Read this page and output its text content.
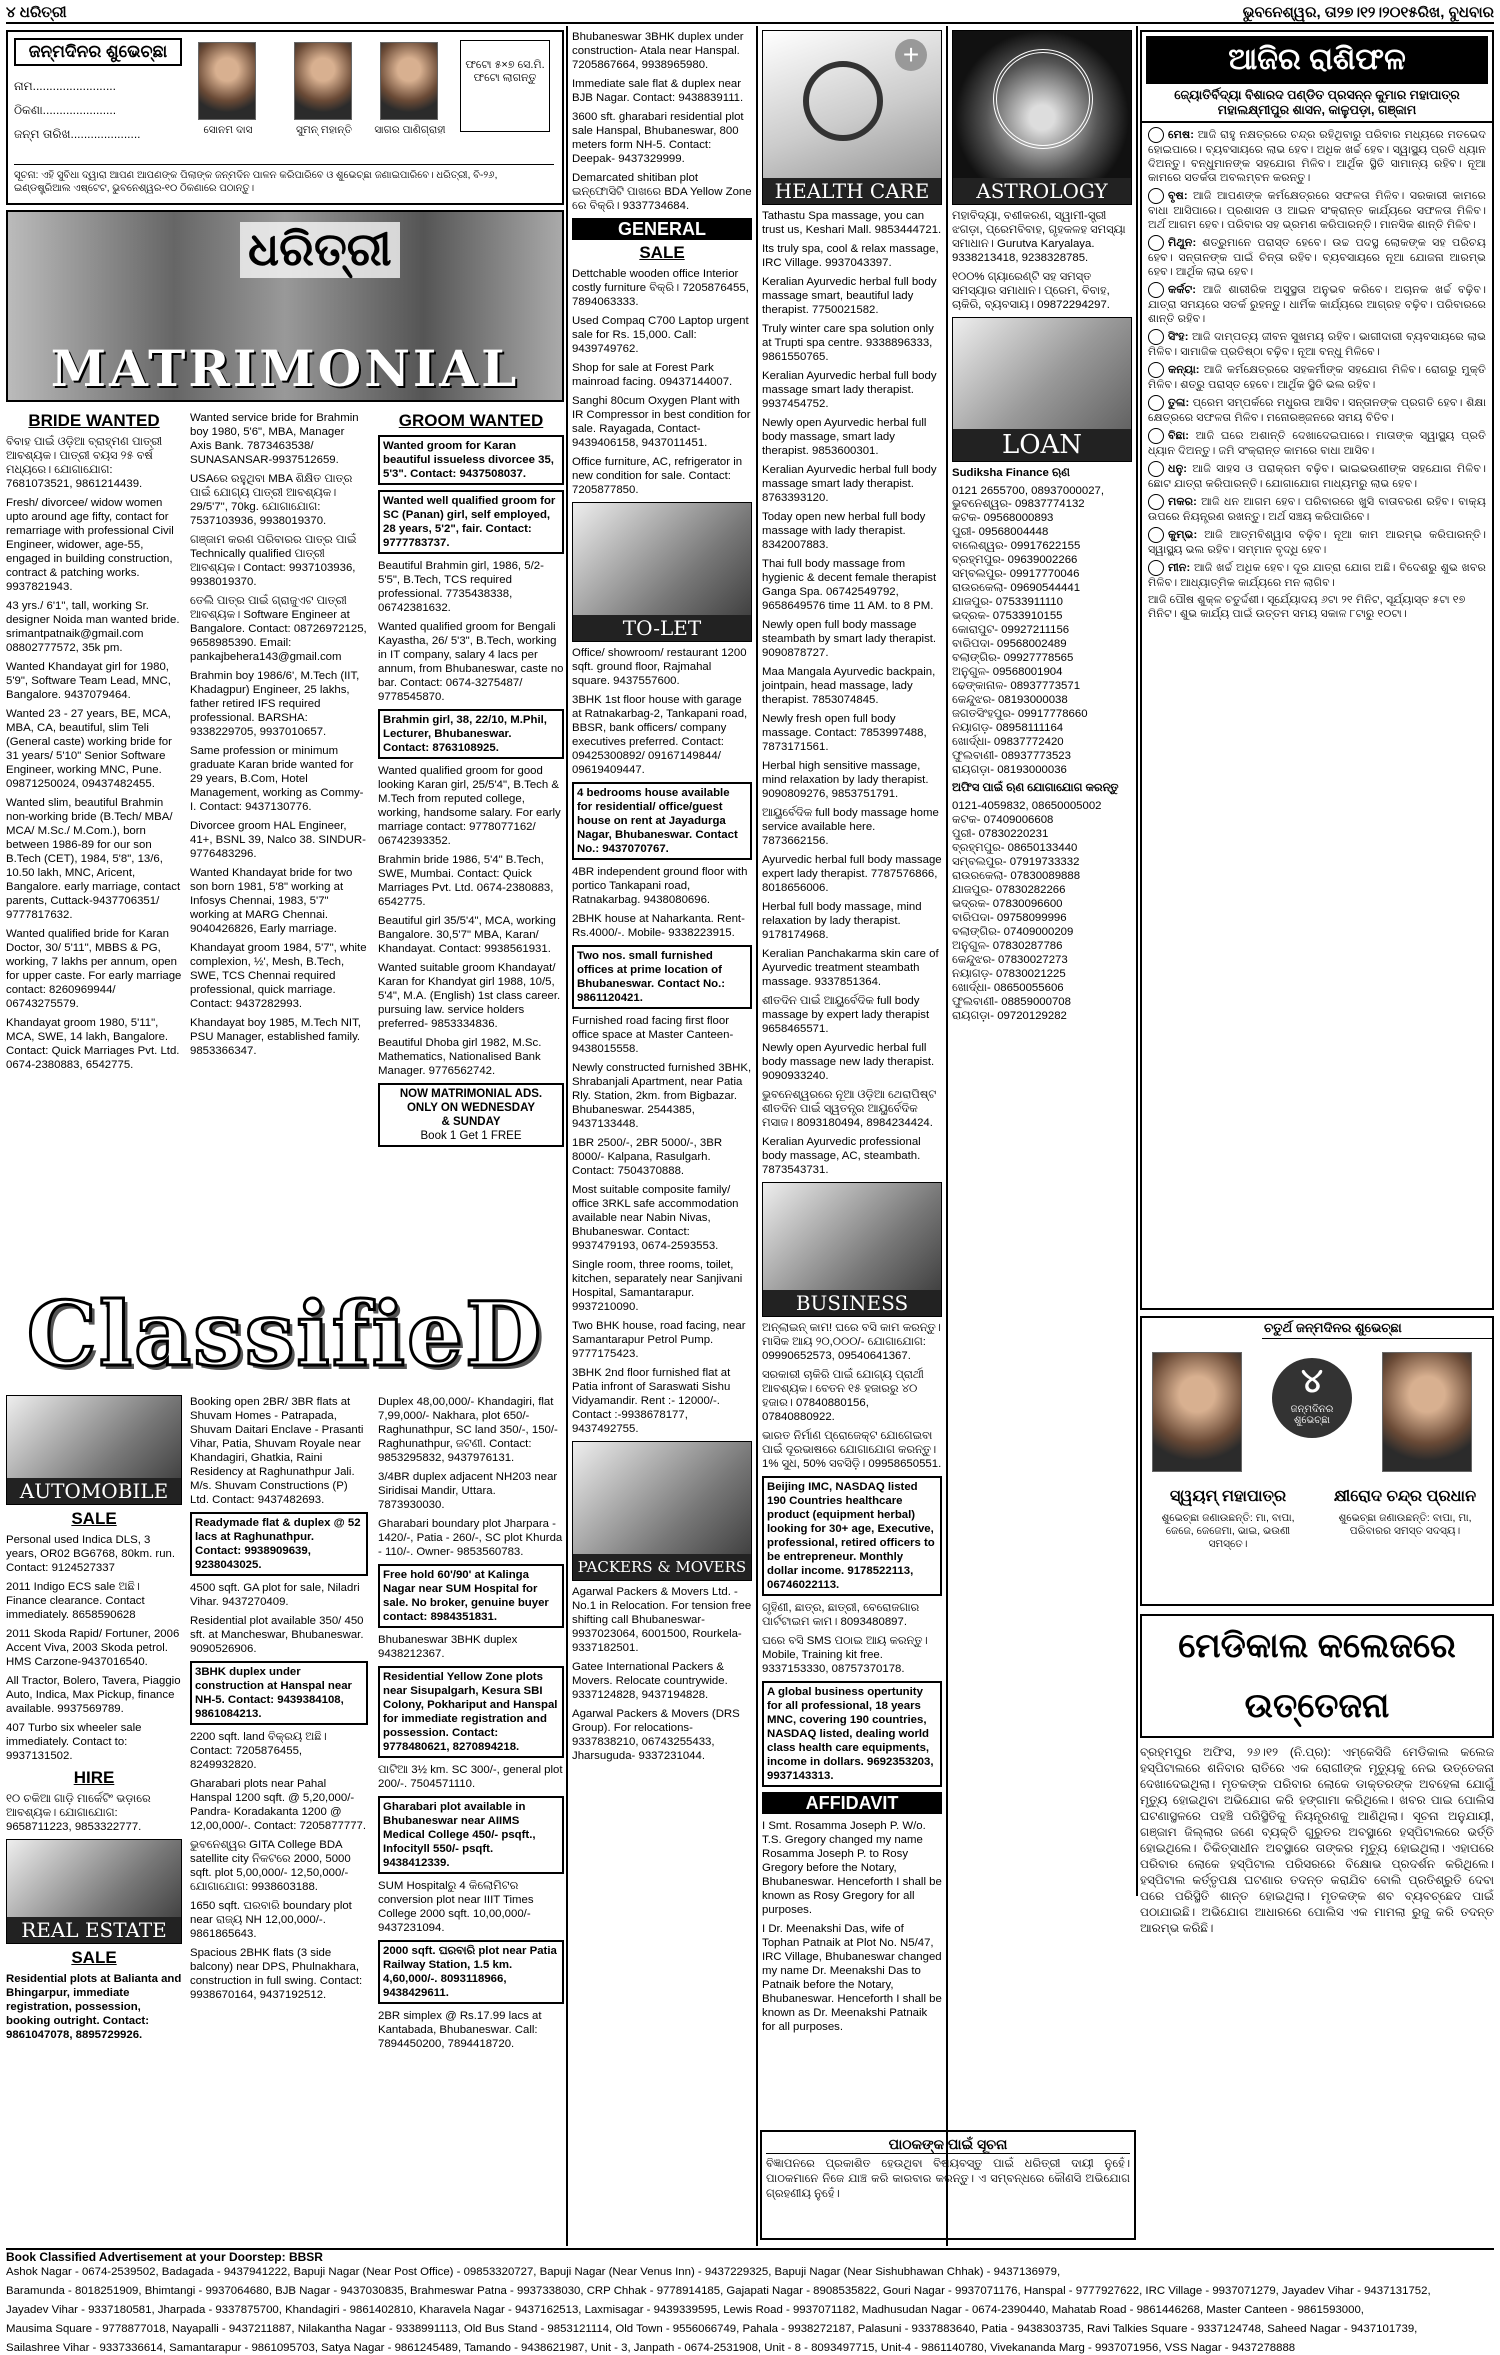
୪ ଧରିତ୍ରୀ	ଭୁବନେଶ୍ୱର, ତା୨୭।୧୨।୨୦୧୫ରିଖ, ବୁଧବାର
ଜନ୍ମଦିନର ଶୁଭେଚ୍ଛା
ନାମ.........................
ଠିକଣା......................
ଜନ୍ମ ତାରିଖ.....................
ଫଟୋ ୫×୭ ସେ.ମି. ଫଟୋ ଲାଗନ୍ତୁ
ସୋନମ ଦାସ	ସୁମନ୍ ମହାନ୍ତି	ସାଗର ପାଣିଗ୍ରାହୀ
ସୂଚନା: ଏହି ସୁବିଧା ଦ୍ୱାରା ଆପଣ ଆପଣଙ୍କ ପିଲାଙ୍କ ଜନ୍ମଦିନ ପାଳନ କରିପାରିବେ ଓ ଶୁଭେଚ୍ଛା ଜଣାଇପାରିବେ। ଧରିତ୍ରୀ, ବି-୨୬, ଇଣ୍ଡଷ୍ଟ୍ରିଆଲ ଏଷ୍ଟେଟ, ଭୁବନେଶ୍ୱର-୧୦ ଠିକଣାରେ ପଠାନ୍ତୁ।
ଧରିତ୍ରୀ
MATRIMONIAL
BRIDE WANTED
ବିବାହ ପାଇଁ ଓଡ଼ିଆ ବ୍ରାହ୍ମଣ ପାତ୍ରୀ ଆବଶ୍ୟକ। ପାତ୍ରୀ ବୟସ ୨୫ ବର୍ଷ ମଧ୍ୟରେ। ଯୋଗାଯୋଗ: 7681073521, 9861214439.
Fresh/ divorcee/ widow women upto around age fifty, contact for remarriage with professional Civil Engineer, widower, age-55, engaged in building construction, contract & patching works. 9937821943.
43 yrs./ 6'1", tall, working Sr. designer Noida man wanted bride. srimantpatnaik@gmail.com 08802777572, 35k pm.
Wanted Khandayat girl for 1980, 5'9", Software Team Lead, MNC, Bangalore. 9437079464.
Wanted 23 - 27 years, BE, MCA, MBA, CA, beautiful, slim Teli (General caste) working bride for 31 years/ 5'10" Senior Software Engineer, working MNC, Pune. 09871250024, 09437482455.
Wanted slim, beautiful Brahmin non-working bride (B.Tech/ MBA/ MCA/ M.Sc./ M.Com.), born between 1986-89 for our son B.Tech (CET), 1984, 5'8", 13/6, 10.50 lakh, MNC, Aricent, Bangalore. early marriage, contact parents, Cuttack-9437706351/ 9777817632.
Wanted qualified bride for Karan Doctor, 30/ 5'11", MBBS & PG, working, 7 lakhs per annum, open for upper caste. For early marriage contact: 8260969944/ 06743275579.
Khandayat groom 1980, 5'11", MCA, SWE, 14 lakh, Bangalore. Contact: Quick Marriages Pvt. Ltd. 0674-2380883, 6542775.
Wanted service bride for Brahmin boy 1980, 5'6", MBA, Manager Axis Bank. 7873463538/ SUNASANSAR-9937512659.
USAରେ ରହୁଥିବା MBA ଶିକ୍ଷିତ ପାତ୍ର ପାଇଁ ଯୋଗ୍ୟ ପାତ୍ରୀ ଆବଶ୍ୟକ। 29/5'7", 70kg. ଯୋଗାଯୋଗ: 7537103936, 9938019370.
ଗଞ୍ଜାମ କରଣ ପରିବାରର ପାତ୍ର ପାଇଁ Technically qualified ପାତ୍ରୀ ଆବଶ୍ୟକ। Contact: 9937103936, 9938019370.
ତେଲି ପାତ୍ର ପାଇଁ ଗ୍ରାଜୁଏଟ ପାତ୍ରୀ ଆବଶ୍ୟକ। Software Engineer at Bangalore. Contact: 08726972125, 9658985390. Email: pankajbehera143@gmail.com
Brahmin boy 1986/6', M.Tech (IIT, Khadagpur) Engineer, 25 lakhs, father retired IFS required professional. BARSHA: 9338229705, 9937010657.
Same profession or minimum graduate Karan bride wanted for 29 years, B.Com, Hotel Management, working as Commy-I. Contact: 9437130776.
Divorcee groom HAL Engineer, 41+, BSNL 39, Nalco 38. SINDUR- 9776483296.
Wanted Khandayat bride for two son born 1981, 5'8" working at Infosys Chennai, 1983, 5'7" working at MARG Chennai. 9040426826, Early marriage.
Khandayat groom 1984, 5'7", white complexion, ½', Mesh, B.Tech, SWE, TCS Chennai required professional, quick marriage. Contact: 9437282993.
Khandayat boy 1985, M.Tech NIT, PSU Manager, established family. 9853366347.
GROOM WANTED
Wanted groom for Karan beautiful issueless divorcee 35, 5'3". Contact: 9437508037.
Wanted well qualified groom for SC (Panan) girl, self employed, 28 years, 5'2", fair. Contact: 9777783737.
Beautiful Brahmin girl, 1986, 5/2- 5'5", B.Tech, TCS required professional. 7735438338, 06742381632.
Wanted qualified groom for Bengali Kayastha, 26/ 5'3", B.Tech, working in IT company, salary 4 lacs per annum, from Bhubaneswar, caste no bar. Contact: 0674-3275487/ 9778545870.
Brahmin girl, 38, 22/10, M.Phil, Lecturer, Bhubaneswar. Contact: 8763108925.
Wanted qualified groom for good looking Karan girl, 25/5'4", B.Tech & M.Tech from reputed college, working, handsome salary. For early marriage contact: 9778077162/ 06742393352.
Brahmin bride 1986, 5'4" B.Tech, SWE, Mumbai. Contact: Quick Marriages Pvt. Ltd. 0674-2380883, 6542775.
Beautiful girl 35/5'4", MCA, working Bangalore. 30,5'7" MBA, Karan/ Khandayat. Contact: 9938561931.
Wanted suitable groom Khandayat/ Karan for Khandyat girl 1988, 10/5, 5'4", M.A. (English) 1st class career. pursuing law. service holders preferred- 9853334836.
Beautiful Dhoba girl 1982, M.Sc. Mathematics, Nationalised Bank Manager. 9776562742.
NOW MATRIMONIAL ADS.
ONLY ON WEDNESDAY
& SUNDAY
Book 1 Get 1 FREE
ClassifieD
AUTOMOBILE
SALE
Personal used Indica DLS, 3 years, OR02 BG6768, 80km. run. Contact: 9124527337
2011 Indigo ECS sale ଅଛି। Finance clearance. Contact immediately. 8658590628
2011 Skoda Rapid/ Fortuner, 2006 Accent Viva, 2003 Skoda petrol. HMS Carzone-9437016540.
All Tractor, Bolero, Tavera, Piaggio Auto, Indica, Max Pickup, finance available. 9937569789.
407 Turbo six wheeler sale immediately. Contact to: 9937131502.
HIRE
୧୦ ଚକିଆ ଗାଡ଼ି ମାର୍କେଟିଂ ଭଡ଼ାରେ ଆବଶ୍ୟକ। ଯୋଗାଯୋଗ: 9658711223, 9853322777.
REAL ESTATE
SALE
Residential plots at Balianta and Bhingarpur, immediate registration, possession, booking outright. Contact: 9861047078, 8895729926.
Booking open 2BR/ 3BR flats at Shuvam Homes - Patrapada, Shuvam Daitari Enclave - Prasanti Vihar, Patia, Shuvam Royale near Khandagiri, Ghatkia, Raini Residency at Raghunathpur Jali. M/s. Shuvam Constructions (P) Ltd. Contact: 9437482693.
Readymade flat & duplex @ 52 lacs at Raghunathpur. Contact: 9938909639, 9238043025.
4500 sqft. GA plot for sale, Niladri Vihar. 9437270409.
Residential plot available 350/ 450 sft. at Mancheswar, Bhubaneswar. 9090526906.
3BHK duplex under construction at Hanspal near NH-5. Contact: 9439384108, 9861084213.
2200 sqft. land ବିକ୍ରୟ ଅଛି। Contact: 7205876455, 8249932820.
Gharabari plots near Pahal Hanspal 1200 sqft. @ 5,20,000/- Pandra- Koradakanta 1200 @ 12,00,000/-. Contact: 7205877777.
ଭୁବନେଶ୍ୱର GITA College BDA satellite city ନିକଟରେ 2000, 5000 sqft. plot 5,00,000/- 12,50,000/- ଯୋଗାଯୋଗ: 9938603188.
1650 sqft. ଘରବାରି boundary plot near ରାଜ୍ୟ NH 12,00,000/-. 9861865643.
Spacious 2BHK flats (3 side balcony) near DPS, Phulnakhara, construction in full swing. Contact: 9938670164, 9437192512.
Duplex 48,00,000/- Khandagiri, flat 7,99,000/- Nakhara, plot 650/- Raghunathpur, SC land 350/-, 150/- Raghunathpur, ଜଟଣୀ. Contact: 9853295832, 9437976131.
3/4BR duplex adjacent NH203 near Siridisai Mandir, Uttara. 7873930030.
Gharabari boundary plot Jharpara - 1420/-, Patia - 260/-, SC plot Khurda - 110/-. Owner- 9853560783.
Free hold 60'/90' at Kalinga Nagar near SUM Hospital for sale. No broker, genuine buyer contact: 8984351831.
Bhubaneswar 3BHK duplex 9438212367.
Residential Yellow Zone plots near Sisupalgarh, Kesura SBI Colony, Pokhariput and Hanspal for immediate registration and possession. Contact: 9778480621, 8270894218.
ପାଟିଆ 3½ km. SC 300/-, general plot 200/-. 7504571110.
Gharabari plot available in Bhubaneswar near AIIMS Medical College 450/- psqft., Infocityll 550/- psqft. 9438412339.
SUM Hospitalରୁ 4 କିଲୋମିଟର conversion plot near IIIT Times College 2000 sqft. 10,00,000/- 9437231094.
2000 sqft. ଘରବାରି plot near Patia Railway Station, 1.5 km. 4,60,000/-. 8093118966, 9438429611.
2BR simplex @ Rs.17.99 lacs at Kantabada, Bhubaneswar. Call: 7894450200, 7894418720.
Bhubaneswar 3BHK duplex under construction- Atala near Hanspal. 7205867664, 9938965980.
Immediate sale flat & duplex near BJB Nagar. Contact: 9438839111.
3600 sft. gharabari residential plot sale Hanspal, Bhubaneswar, 800 meters form NH-5. Contact: Deepak- 9437329999.
Demarcated shitiban plot ଇନ୍ଫୋସିଟି ପାଖରେ BDA Yellow Zone ରେ ବିକ୍ରି। 9337734684.
GENERAL
SALE
Dettchable wooden office Interior costly furniture ବିକ୍ରି। 7205876455, 7894063333.
Used Compaq C700 Laptop urgent sale for Rs. 15,000. Call: 9439749762.
Shop for sale at Forest Park mainroad facing. 09437144007.
Sanghi 80cum Oxygen Plant with IR Compressor in best condition for sale. Rayagada, Contact- 9439406158, 9437011451.
Office furniture, AC, refrigerator in new condition for sale. Contact: 7205877850.
TO-LET
Office/ showroom/ restaurant 1200 sqft. ground floor, Rajmahal square. 9437557600.
3BHK 1st floor house with garage at Ratnakarbag-2, Tankapani road, BBSR, bank officers/ company executives preferred. Contact: 09425300892/ 09167149844/ 09619409447.
4 bedrooms house available for residential/ office/guest house on rent at Jayadurga Nagar, Bhubaneswar. Contact No.: 9437070767.
4BR independent ground floor with portico Tankapani road, Ratnakarbag. 9438080696.
2BHK house at Naharkanta. Rent- Rs.4000/-. Mobile- 9338223915.
Two nos. small furnished offices at prime location of Bhubaneswar. Contact No.: 9861120421.
Furnished road facing first floor office space at Master Canteen- 9438015558.
Newly constructed furnished 3BHK, Shrabanjali Apartment, near Patia Rly. Station, 2km. from Bigbazar. Bhubaneswar. 2544385, 9437133448.
1BR 2500/-, 2BR 5000/-, 3BR 8000/- Kalpana, Rasulgarh. Contact: 7504370888.
Most suitable composite family/ office 3RKL safe accommodation available near Nabin Nivas, Bhubaneswar. Contact: 9937479193, 0674-2593553.
Single room, three rooms, toilet, kitchen, separately near Sanjivani Hospital, Samantarapur. 9937210090.
Two BHK house, road facing, near Samantarapur Petrol Pump. 9777175423.
3BHK 2nd floor furnished flat at Patia infront of Saraswati Sishu Vidyamandir. Rent :- 12000/-. Contact :-9938678177, 9437492755.
PACKERS & MOVERS
Agarwal Packers & Movers Ltd. - No.1 in Relocation. For tension free shifting call Bhubaneswar- 9937023064, 6001500, Rourkela- 9337182501.
Gatee International Packers & Movers. Relocate countrywide. 9337124828, 9437194828.
Agarwal Packers & Movers (DRS Group). For relocations- 9337838210, 06743255433, Jharsuguda- 9337231044.
+
HEALTH CARE
Tathastu Spa massage, you can trust us, Keshari Mall. 9853444721.
Its truly spa, cool & relax massage, IRC Village. 9937043397.
Keralian Ayurvedic herbal full body massage smart, beautiful lady therapist. 7750021582.
Truly winter care spa solution only at Trupti spa centre. 9338896333, 9861550765.
Keralian Ayurvedic herbal full body massage smart lady therapist. 9937454752.
Newly open Ayurvedic herbal full body massage, smart lady therapist. 9853600301.
Keralian Ayurvedic herbal full body massage smart lady therapist. 8763393120.
Today open new herbal full body massage with lady therapist. 8342007883.
Thai full body massage from hygienic & decent female therapist Ganga Spa. 06742549792, 9658649576 time 11 AM. to 8 PM.
Newly open full body massage steambath by smart lady therapist. 9090878727.
Maa Mangala Ayurvedic backpain, jointpain, head massage, lady therapist. 7853074845.
Newly fresh open full body massage. Contact: 7853997488, 7873171561.
Herbal high sensitive massage, mind relaxation by lady therapist. 9090809276, 9853751791.
ଆୟୁର୍ବେଦିକ full body massage home service available here. 7873662156.
Ayurvedic herbal full body massage expert lady therapist. 7787576866, 8018656006.
Herbal full body massage, mind relaxation by lady therapist. 9178174968.
Keralian Panchakarma skin care of Ayurvedic treatment steambath massage. 9337851364.
ଶୀତଦିନ ପାଇଁ ଆୟୁର୍ବେଦିକ full body massage by expert lady therapist 9658465571.
Newly open Ayurvedic herbal full body massage new lady therapist. 9090933240.
ଭୁବନେଶ୍ୱରରେ ନୂଆ ଓଡ଼ିଆ ଥେରାପିଷ୍ଟ ଶୀତଦିନ ପାଇଁ ସ୍ୱତନ୍ତ୍ର ଆୟୁର୍ବେଦିକ ମସାଜ। 8093180494, 8984234424.
Keralian Ayurvedic professional body massage, AC, steambath. 7873543731.
BUSINESS
ଅନ୍ଲାଇନ୍ କାମ! ଘରେ ବସି କାମ କରନ୍ତୁ। ମାସିକ ଆୟ ୨୦,୦୦୦/- ଯୋଗାଯୋଗ: 09990652573, 09540641367.
ସରକାରୀ ଚାକିରି ପାଇଁ ଯୋଗ୍ୟ ପ୍ରାର୍ଥୀ ଆବଶ୍ୟକ। ବେତନ ୧୫ ହଜାରରୁ ୪୦ ହଜାର। 07840880156, 07840880922.
ଭାରତ ନିର୍ମାଣ ପ୍ରୋଜେକ୍ଟ ଯୋଗେଇବା ପାଇଁ ଦୂରଭାଷରେ ଯୋଗାଯୋଗ କରନ୍ତୁ। 1% ସୁଧ, 50% ସବସିଡ଼ି। 09958650551.
Beijing IMC, NASDAQ listed 190 Countries healthcare product (equipment herbal) looking for 30+ age, Executive, professional, retired officers to be entrepreneur. Monthly dollar income. 9178522113, 06746022113.
ଗୃହିଣୀ, ଛାତ୍ର, ଛାତ୍ରୀ, ବେରୋଜଗାର ପାର୍ଟଟାଇମ କାମ। 8093480897.
ଘରେ ବସି SMS ପଠାଇ ଆୟ କରନ୍ତୁ। Mobile, Training kit free. 9337153330, 08757370178.
A global business opertunity for all professional, 18 years MNC, covering 190 countries, NASDAQ listed, dealing world class health care equipments, income in dollars. 9692353203, 9937143313.
AFFIDAVIT
I Smt. Rosamma Joseph P. W/o. T.S. Gregory changed my name Rosamma Joseph P. to Rosy Gregory before the Notary, Bhubaneswar. Henceforth I shall be known as Rosy Gregory for all purposes.
I Dr. Meenakshi Das, wife of Tophan Patnaik at Plot No. N5/47, IRC Village, Bhubaneswar changed my name Dr. Meenakshi Das to Patnaik before the Notary, Bhubaneswar. Henceforth I shall be known as Dr. Meenakshi Patnaik for all purposes.
ASTROLOGY
ମହାବିଦ୍ୟା, ବଶୀକରଣ, ସ୍ୱାମୀ-ସ୍ତ୍ରୀ ଝଗଡ଼ା, ପ୍ରେମବିବାହ, ଗୃହକଳହ ସମସ୍ୟା ସମାଧାନ। Gurutva Karyalaya. 9338213418, 9238328785.
୧୦୦% ଗ୍ୟାରେଣ୍ଟି ସହ ସମସ୍ତ ସମସ୍ୟାର ସମାଧାନ। ପ୍ରେମ, ବିବାହ, ଚାକିରି, ବ୍ୟବସାୟ। 09872294297.
LOAN
Sudiksha Finance ଋଣ
0121 2655700, 08937000027, ଭୁବନେଶ୍ୱର- 09837774132
କଟକ- 09568000893
ପୁରୀ- 09568004448
ବାଲେଶ୍ୱର- 09917622155
ବ୍ରହ୍ମପୁର- 09639002266
ସମ୍ବଲପୁର- 09917770046
ରାଉରକେଲା- 09690544441
ଯାଜପୁର- 07533911110
ଭଦ୍ରକ- 07533910155
କୋରାପୁଟ- 09927211156
ବାରିପଦା- 09568002489
ବଲାଙ୍ଗିର- 09927778565
ଅନୁଗୁଳ- 09568001904
ଢେଙ୍କାନାଳ- 08937773571
କେନ୍ଦୁଝର- 08193000038
ଜଗତସିଂହପୁର- 09917778660
ନୟାଗଡ଼- 08958111164
ଖୋର୍ଦ୍ଧା- 09837772420
ଫୁଲବାଣୀ- 08937773523
ରାୟଗଡ଼ା- 08193000036
ଅଫିସ ପାଇଁ ଋଣ ଯୋଗାଯୋଗ କରନ୍ତୁ
0121-4059832, 08650005002
କଟକ- 07409006608
ପୁରୀ- 07830220231
ବ୍ରହ୍ମପୁର- 08650133440
ସମ୍ବଲପୁର- 07919733332
ରାଉରକେଲା- 07830089888
ଯାଜପୁର- 07830282266
ଭଦ୍ରକ- 07830096600
ବାରିପଦା- 09758099996
ବଲାଙ୍ଗିର- 07409000209
ଅନୁଗୁଳ- 07830287786
କେନ୍ଦୁଝର- 07830027273
ନୟାଗଡ଼- 07830021225
ଖୋର୍ଦ୍ଧା- 08650055606
ଫୁଲବାଣୀ- 08859000708
ରାୟଗଡ଼ା- 09720129282
ଆଜିର ରାଶିଫଳ
ଜ୍ୟୋତିର୍ବିଦ୍ୟା ବିଶାରଦ ପଣ୍ଡିତ ପ୍ରସନ୍ନ କୁମାର ମହାପାତ୍ର
ମହାଲକ୍ଷ୍ମୀପୁର ଶାସନ, କାଳୁପଡ଼ା, ଗଞ୍ଜାମ
ମେଷ: ଆଜି ରାହୁ ନକ୍ଷତ୍ରରେ ଚନ୍ଦ୍ର ରହିଥିବାରୁ ପରିବାର ମଧ୍ୟରେ ମତଭେଦ ହୋଇପାରେ। ବ୍ୟବସାୟରେ ଲାଭ ହେବ। ଅଧିକ ଖର୍ଚ୍ଚ ହେବ। ସ୍ୱାସ୍ଥ୍ୟ ପ୍ରତି ଧ୍ୟାନ ଦିଅନ୍ତୁ। ବନ୍ଧୁମାନଙ୍କ ସହଯୋଗ ମିଳିବ। ଆର୍ଥିକ ସ୍ଥିତି ସାମାନ୍ୟ ରହିବ। ନୂଆ କାମରେ ସତର୍କତା ଅବଲମ୍ବନ କରନ୍ତୁ।
ବୃଷ: ଆଜି ଆପଣଙ୍କ କର୍ମକ୍ଷେତ୍ରରେ ସଫଳତା ମିଳିବ। ସରକାରୀ କାମରେ ବାଧା ଆସିପାରେ। ପ୍ରଶାସନ ଓ ଆଇନ ସଂକ୍ରାନ୍ତ କାର୍ଯ୍ୟରେ ସଫଳତା ମିଳିବ। ଅର୍ଥ ଆଗମ ହେବ। ପରିବାର ସହ ଭ୍ରମଣ କରିପାରନ୍ତି। ମାନସିକ ଶାନ୍ତି ମିଳିବ।
ମିଥୁନ: ଶତ୍ରୁମାନେ ପରାସ୍ତ ହେବେ। ଉଚ୍ଚ ପଦସ୍ଥ ଲୋକଙ୍କ ସହ ପରିଚୟ ହେବ। ସନ୍ତାନଙ୍କ ପାଇଁ ଚିନ୍ତା ରହିବ। ବ୍ୟବସାୟରେ ନୂଆ ଯୋଜନା ଆରମ୍ଭ ହେବ। ଆର୍ଥିକ ଲାଭ ହେବ।
କର୍କଟ: ଆଜି ଶାରୀରିକ ଅସୁସ୍ଥତା ଅନୁଭବ କରିବେ। ଅଚାନକ ଖର୍ଚ୍ଚ ବଢ଼ିବ। ଯାତ୍ରା ସମୟରେ ସତର୍କ ରୁହନ୍ତୁ। ଧାର୍ମିକ କାର୍ଯ୍ୟରେ ଆଗ୍ରହ ବଢ଼ିବ। ପରିବାରରେ ଶାନ୍ତି ରହିବ।
ସିଂହ: ଆଜି ଦାମ୍ପତ୍ୟ ଜୀବନ ସୁଖମୟ ରହିବ। ଭାଗୀଦାରୀ ବ୍ୟବସାୟରେ ଲାଭ ମିଳିବ। ସାମାଜିକ ପ୍ରତିଷ୍ଠା ବଢ଼ିବ। ନୂଆ ବନ୍ଧୁ ମିଳିବେ।
କନ୍ୟା: ଆଜି କର୍ମକ୍ଷେତ୍ରରେ ସହକର୍ମୀଙ୍କ ସହଯୋଗ ମିଳିବ। ରୋଗରୁ ମୁକ୍ତି ମିଳିବ। ଶତ୍ରୁ ପରାସ୍ତ ହେବେ। ଆର୍ଥିକ ସ୍ଥିତି ଭଲ ରହିବ।
ତୁଳା: ପ୍ରେମ ସମ୍ପର୍କରେ ମଧୁରତା ଆସିବ। ସନ୍ତାନଙ୍କ ପ୍ରଗତି ହେବ। ଶିକ୍ଷା କ୍ଷେତ୍ରରେ ସଫଳତା ମିଳିବ। ମନୋରଞ୍ଜନରେ ସମୟ ବିତିବ।
ବିଛା: ଆଜି ଘରେ ଅଶାନ୍ତି ଦେଖାଦେଇପାରେ। ମାତାଙ୍କ ସ୍ୱାସ୍ଥ୍ୟ ପ୍ରତି ଧ୍ୟାନ ଦିଅନ୍ତୁ। ଜମି ସଂକ୍ରାନ୍ତ କାମରେ ବାଧା ଆସିବ।
ଧନୁ: ଆଜି ସାହସ ଓ ପରାକ୍ରମ ବଢ଼ିବ। ଭାଇଭଉଣୀଙ୍କ ସହଯୋଗ ମିଳିବ। ଛୋଟ ଯାତ୍ରା କରିପାରନ୍ତି। ଯୋଗାଯୋଗ ମାଧ୍ୟମରୁ ଲାଭ ହେବ।
ମକର: ଆଜି ଧନ ଆଗମ ହେବ। ପରିବାରରେ ଖୁସି ବାତାବରଣ ରହିବ। ବାକ୍ୟ ଉପରେ ନିୟନ୍ତ୍ରଣ ରଖନ୍ତୁ। ଅର୍ଥ ସଞ୍ଚୟ କରିପାରିବେ।
କୁମ୍ଭ: ଆଜି ଆତ୍ମବିଶ୍ୱାସ ବଢ଼ିବ। ନୂଆ କାମ ଆରମ୍ଭ କରିପାରନ୍ତି। ସ୍ୱାସ୍ଥ୍ୟ ଭଲ ରହିବ। ସମ୍ମାନ ବୃଦ୍ଧି ହେବ।
ମୀନ: ଆଜି ଖର୍ଚ୍ଚ ଅଧିକ ହେବ। ଦୂର ଯାତ୍ରା ଯୋଗ ଅଛି। ବିଦେଶରୁ ଶୁଭ ଖବର ମିଳିବ। ଆଧ୍ୟାତ୍ମିକ କାର୍ଯ୍ୟରେ ମନ ଲାଗିବ।
ଆଜି ପୌଷ ଶୁକ୍ଳ ଚତୁର୍ଦ୍ଦଶୀ। ସୂର୍ଯ୍ୟୋଦୟ ୬ଟା ୨୧ ମିନିଟ, ସୂର୍ଯ୍ୟାସ୍ତ ୫ଟା ୧୭ ମିନିଟ। ଶୁଭ କାର୍ଯ୍ୟ ପାଇଁ ଉତ୍ତମ ସମୟ ସକାଳ ୮ଟାରୁ ୧୦ଟା।
ଚତୁର୍ଥ ଜନ୍ମଦିନର ଶୁଭେଚ୍ଛା
୪
ଜନ୍ମଦିନର ଶୁଭେଚ୍ଛା
ସ୍ୱୟମ୍ ମହାପାତ୍ର
ଶୁଭେଚ୍ଛା ଜଣାଉଛନ୍ତି: ମା, ବାପା, ଜେଜେ, ଜେଜେମା, ଭାଇ, ଭଉଣୀ ସମସ୍ତେ।
କ୍ଷୀରୋଦ ଚନ୍ଦ୍ର ପ୍ରଧାନ
ଶୁଭେଚ୍ଛା ଜଣାଉଛନ୍ତି: ବାପା, ମା, ପରିବାରର ସମସ୍ତ ସଦସ୍ୟ।
ମେଡିକାଲ କଲେଜରେ ଉତ୍ତେଜନା
ବ୍ରହ୍ମପୁର ଅଫିସ, ୨୬।୧୨ (ନି.ପ୍ର): ଏମ୍କେସିଜି ମେଡିକାଲ କଲେଜ ହସ୍ପିଟାଲରେ ଶନିବାର ରାତିରେ ଏକ ରୋଗୀଙ୍କ ମୃତ୍ୟୁକୁ ନେଇ ଉତ୍ତେଜନା ଦେଖାଦେଇଥିଲା। ମୃତକଙ୍କ ପରିବାର ଲୋକେ ଡାକ୍ତରଙ୍କ ଅବହେଳା ଯୋଗୁଁ ମୃତ୍ୟୁ ହୋଇଥିବା ଅଭିଯୋଗ କରି ହଙ୍ଗାମା କରିଥିଲେ। ଖବର ପାଇ ପୋଲିସ ଘଟଣାସ୍ଥଳରେ ପହଞ୍ଚି ପରିସ୍ଥିତିକୁ ନିୟନ୍ତ୍ରଣକୁ ଆଣିଥିଲା। ସୂଚନା ଅନୁଯାୟୀ, ଗଞ୍ଜାମ ଜିଲ୍ଲାର ଜଣେ ବ୍ୟକ୍ତି ଗୁରୁତର ଅବସ୍ଥାରେ ହସ୍ପିଟାଲରେ ଭର୍ତ୍ତି ହୋଇଥିଲେ। ଚିକିତ୍ସାଧୀନ ଅବସ୍ଥାରେ ତାଙ୍କର ମୃତ୍ୟୁ ହୋଇଥିଲା। ଏହାପରେ ପରିବାର ଲୋକେ ହସ୍ପିଟାଲ ପରିସରରେ ବିକ୍ଷୋଭ ପ୍ରଦର୍ଶନ କରିଥିଲେ। ହସ୍ପିଟାଲ କର୍ତ୍ତୃପକ୍ଷ ଘଟଣାର ତଦନ୍ତ କରାଯିବ ବୋଲି ପ୍ରତିଶ୍ରୁତି ଦେବା ପରେ ପରିସ୍ଥିତି ଶାନ୍ତ ହୋଇଥିଲା। ମୃତକଙ୍କ ଶବ ବ୍ୟବଚ୍ଛେଦ ପାଇଁ ପଠାଯାଇଛି। ଅଭିଯୋଗ ଆଧାରରେ ପୋଲିସ ଏକ ମାମଲା ରୁଜୁ କରି ତଦନ୍ତ ଆରମ୍ଭ କରିଛି।
ପାଠକଙ୍କ ପାଇଁ ସୂଚନା
ବିଜ୍ଞାପନରେ ପ୍ରକାଶିତ ହେଉଥିବା ବିଷୟବସ୍ତୁ ପାଇଁ ଧରିତ୍ରୀ ଦାୟୀ ନୁହେଁ। ପାଠକମାନେ ନିଜେ ଯାଞ୍ଚ କରି କାରବାର କରନ୍ତୁ। ଏ ସମ୍ବନ୍ଧରେ କୌଣସି ଅଭିଯୋଗ ଗ୍ରହଣୀୟ ନୁହେଁ।
Book Classified Advertisement at your Doorstep: BBSR
Ashok Nagar - 0674-2539502, Badagada - 9437941222, Bapuji Nagar (Near Post Office) - 09853320727, Bapuji Nagar (Near Venus Inn) - 9437229325, Bapuji Nagar (Near Sishubhawan Chhak) - 9437136979,
Baramunda - 8018251909, Bhimtangi - 9937064680, BJB Nagar - 9437030835, Brahmeswar Patna - 9937338030, CRP Chhak - 9778914185, Gajapati Nagar - 8908535822, Gouri Nagar - 9937071176, Hanspal - 9777927622, IRC Village - 9937071279, Jayadev Vihar - 9437131752,
Jayadev Vihar - 9337180581, Jharpada - 9337875700, Khandagiri - 9861402810, Kharavela Nagar - 9437162513, Laxmisagar - 9439339595, Lewis Road - 9937071182, Madhusudan Nagar - 0674-2390440, Mahatab Road - 9861446268, Master Canteen - 9861593000,
Mausima Square - 9778877018, Nayapalli - 9437211887, Nilakantha Nagar - 9338991113, Old Bus Stand - 9853121114, Old Town - 9556066749, Pahala - 9938272187, Palasuni - 9337883640, Patia - 9438303735, Ravi Talkies Square - 9337124748, Saheed Nagar - 9437101739,
Sailashree Vihar - 9337336614, Samantarapur - 9861095703, Satya Nagar - 9861245489, Tamando - 9438621987, Unit - 3, Janpath - 0674-2531908, Unit - 8 - 8093497715, Unit-4 - 9861140780, Vivekananda Marg - 9937071956, VSS Nagar - 9437278888
